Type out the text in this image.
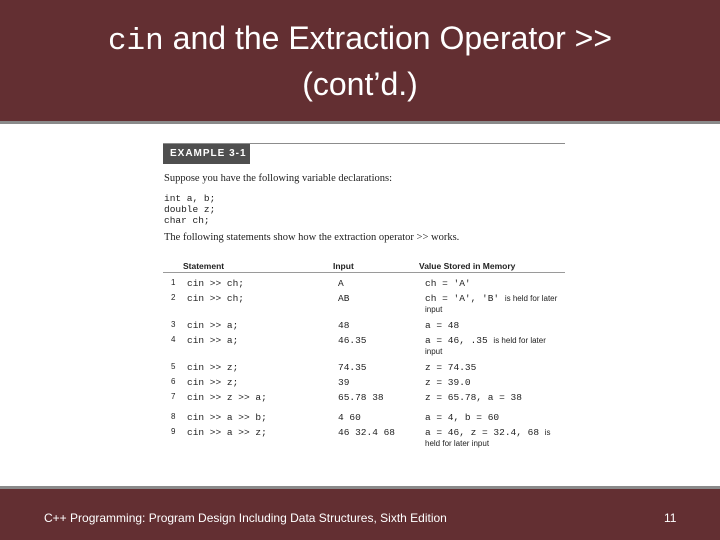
cin and the Extraction Operator >>
(cont’d.)
EXAMPLE 3-1
Suppose you have the following variable declarations:
int a, b;
double z;
char ch;
The following statements show how the extraction operator >> works.
Statement	Input	Value Stored in Memory
1 cin >> ch;	A	ch = 'A'
2 cin >> ch;	AB	ch = 'A', 'B' is held for later input
3 cin >> a;	48	a = 48
4 cin >> a;	46.35	a = 46, .35 is held for later input
5 cin >> z;	74.35	z = 74.35
6 cin >> z;	39	z = 39.0
7 cin >> z >> a;	65.78 38	z = 65.78, a = 38
8 cin >> a >> b;	4 60	a = 4, b = 60
9 cin >> a >> z;	46 32.4 68	a = 46, z = 32.4, 68 is held for later input
C++ Programming: Program Design Including Data Structures, Sixth Edition	11
